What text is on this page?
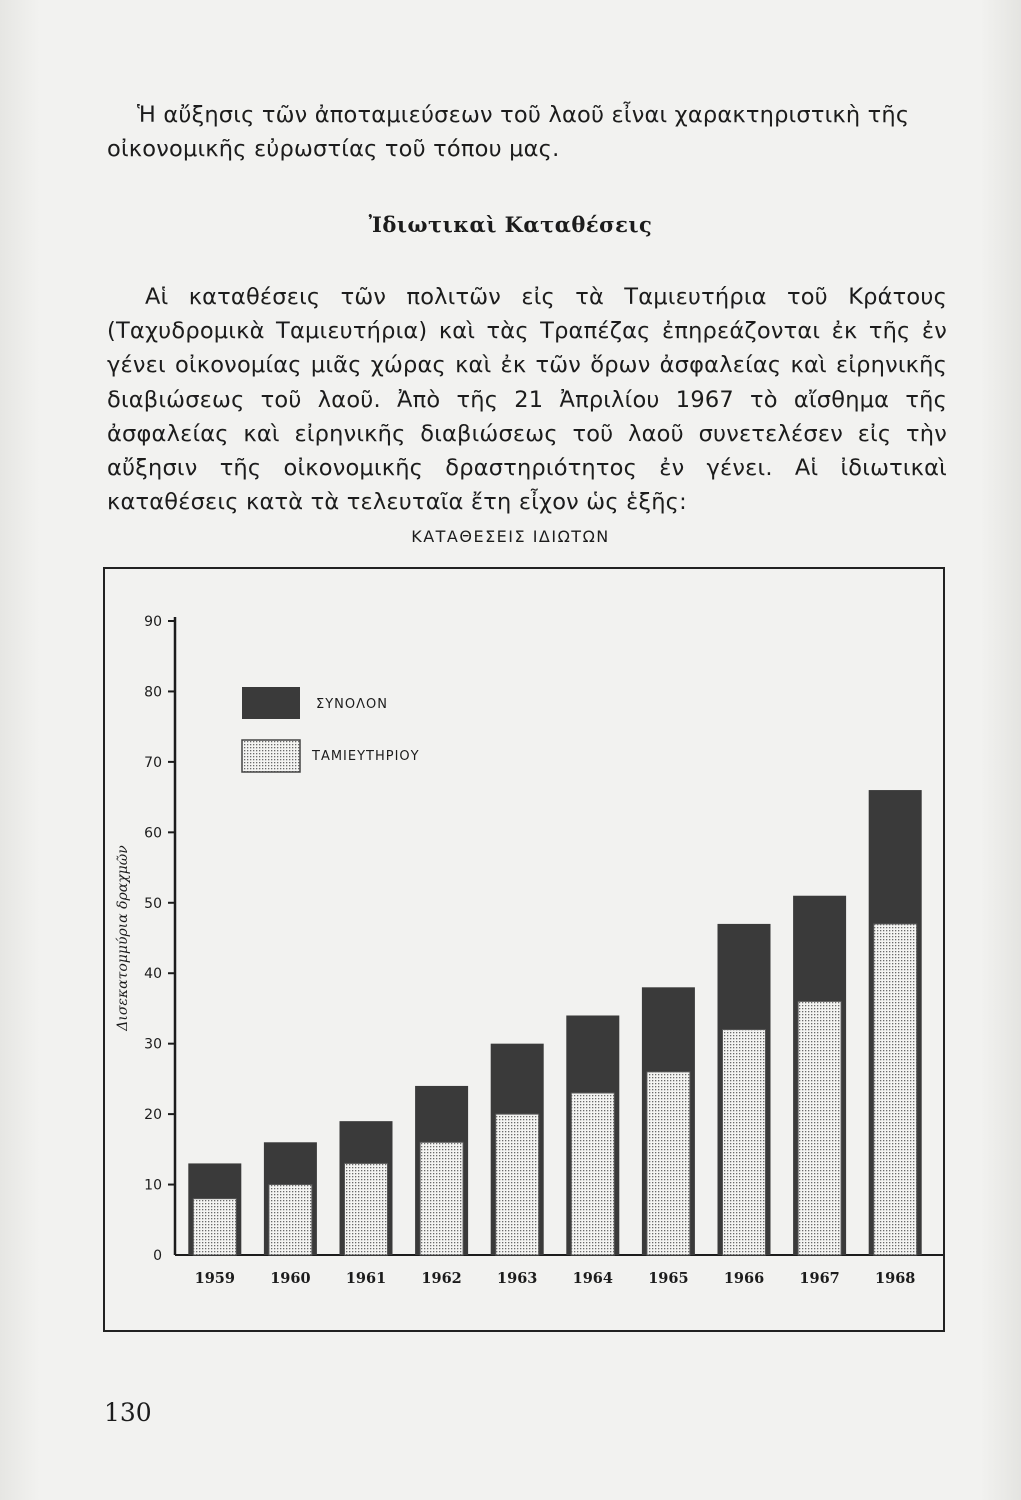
Ἡ αὔξησις τῶν ἀποταμιεύσεων τοῦ λαοῦ εἶναι χαρακτηριστικὴ τῆς οἰκονομικῆς εὐρωστίας τοῦ τόπου μας.

Ἰδιωτικαὶ Καταθέσεις

Αἱ καταθέσεις τῶν πολιτῶν εἰς τὰ Ταμιευτήρια τοῦ Κράτους (Ταχυδρομικὰ Ταμιευτήρια) καὶ τὰς Τραπέζας ἐπηρεάζονται ἐκ τῆς ἐν γένει οἰκονομίας μιᾶς χώρας καὶ ἐκ τῶν ὅρων ἀσφαλείας καὶ εἰρηνικῆς διαβιώσεως τοῦ λαοῦ. Ἀπὸ τῆς 21 Ἀπριλίου 1967 τὸ αἴσθημα τῆς ἀσφαλείας καὶ εἰρηνικῆς διαβιώσεως τοῦ λαοῦ συνετελέσεν εἰς τὴν αὔξησιν τῆς οἰκονομικῆς δραστηριότητος ἐν γένει. Αἱ ἰδιωτικαὶ καταθέσεις κατὰ τὰ τελευταῖα ἔτη εἶχον ὡς ἑξῆς:

ΚΑΤΑΘΕΣΕΙΣ ΙΔΙΩΤΩΝ
0
10
20
30
40
50
60
70
80
90
Δισεκατομμύρια δραχμῶν
1959 1960 1961 1962 1963 1964 1965 1966 1967 1968
ΣΥΝΟΛΟΝ
ΤΑΜΙΕΥΤΗΡΙΟΥ
130
